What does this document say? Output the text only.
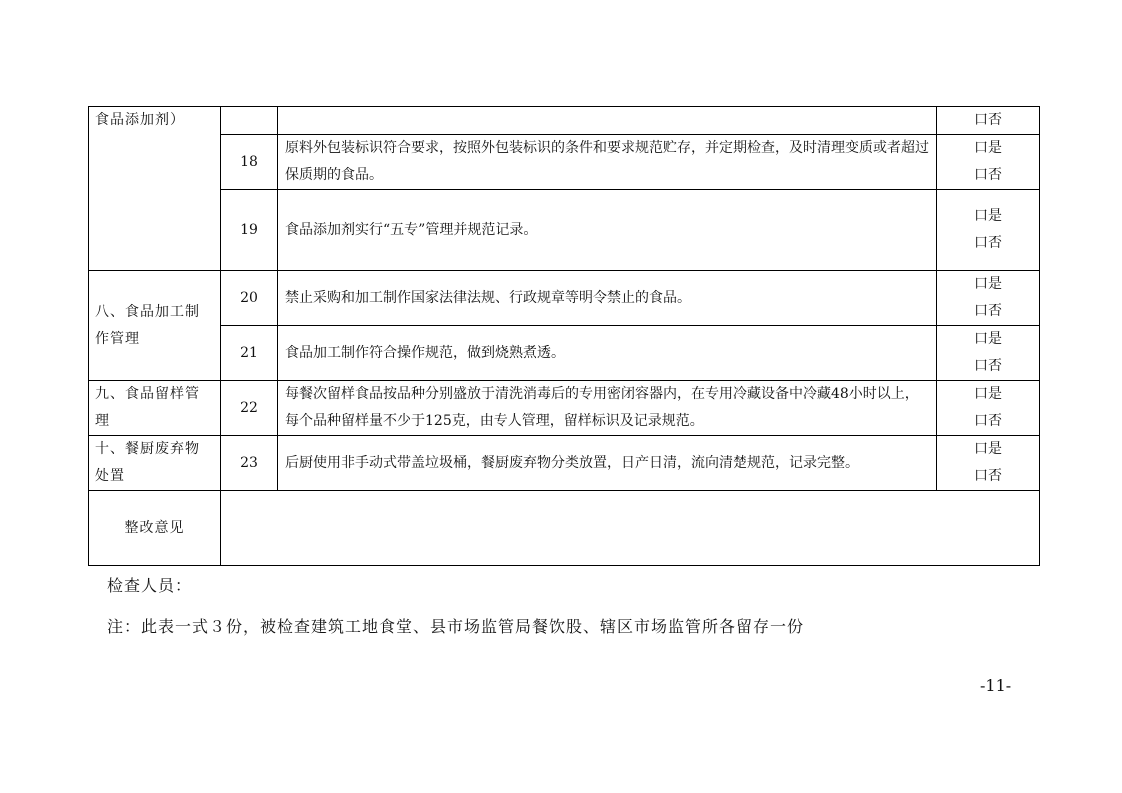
食品添加剂）			口否

	18	原料外包装标识符合要求，按照外包装标识的条件和要求规范贮存，并定期检查，及时清理变质或者超过保质期的食品。	口是
口否

	19	食品添加剂实行“五专”管理并规范记录。	口是
口否

八、食品加工制作管理	20	禁止采购和加工制作国家法律法规、行政规章等明令禁止的食品。	口是
口否

	21	食品加工制作符合操作规范，做到烧熟煮透。	口是
口否

九、食品留样管理	22	每餐次留样食品按品种分别盛放于清洗消毒后的专用密闭容器内，在专用冷藏设备中冷藏48小时以上，每个品种留样量不少于125克，由专人管理，留样标识及记录规范。	口是
口否

十、餐厨废弃物处置	23	后厨使用非手动式带盖垃圾桶，餐厨废弃物分类放置，日产日清，流向清楚规范，记录完整。	口是
口否

整改意见			
检查人员：
注：此表一式３份，被检查建筑工地食堂、县市场监管局餐饮股、辖区市场监管所各留存一份
-11-
